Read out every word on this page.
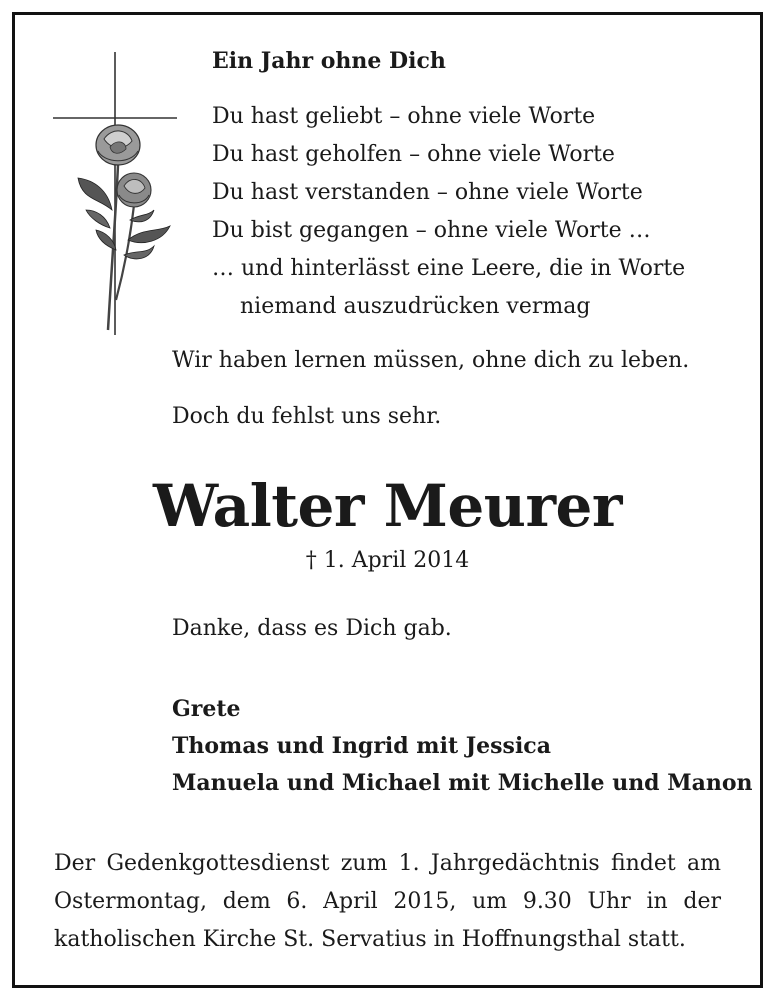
Ein Jahr ohne Dich
Du hast geliebt – ohne viele Worte
Du hast geholfen – ohne viele Worte
Du hast verstanden – ohne viele Worte
Du bist gegangen – ohne viele Worte …
… und hinterlässt eine Leere, die in Worte
niemand auszudrücken vermag
Wir haben lernen müssen, ohne dich zu leben.
Doch du fehlst uns sehr.
Walter Meurer
† 1. April 2014
Danke, dass es Dich gab.
Grete
Thomas und Ingrid mit Jessica
Manuela und Michael mit Michelle und Manon
Der Gedenkgottesdienst zum 1. Jahrgedächtnis findet am Ostermontag, dem 6. April 2015, um 9.30 Uhr in der katholischen Kirche St. Servatius in Hoffnungsthal statt.
